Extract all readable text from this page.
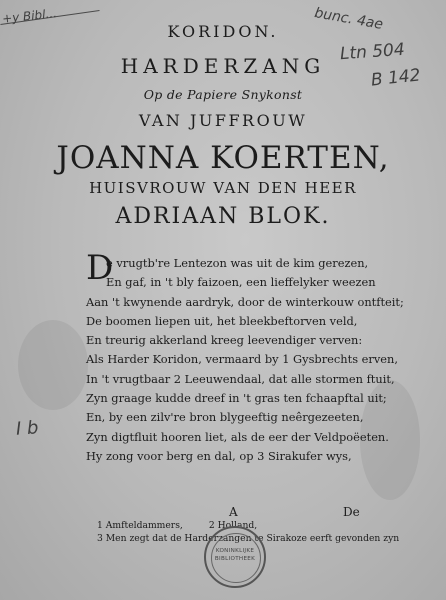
+y Bibl...	bunc. 4ae
Ltn 504
B 142
I b
KORIDON.
HARDERZANG
Op de Papiere Snykonst
VAN JUFFROUW
JOANNA KOERTEN,
HUISVROUW VAN DEN HEER
ADRIAAN BLOK.
D
e vrugtb're Lentezon was uit de kim gerezen,
En gaf, in 't bly faizoen, een lieffelyker weezen
Aan 't kwynende aardryk, door de winterkouw ontfteit;
De boomen liepen uit, het bleekbeftorven veld,
En treurig akkerland kreeg leevendiger verven:
Als Harder Koridon, vermaard by 1 Gysbrechts erven,
In 't vrugtbaar 2 Leeuwendaal, dat alle stormen ftuit,
Zyn graage kudde dreef in 't gras ten fchaapftal uit;
En, by een zilv're bron blygeeftig neêrgezeeten,
Zyn digtfluit hooren liet, als de eer der Veldpoëeten.
Hy zong voor berg en dal, op 3 Sirakufer wys,
A	De
1 Amfteldammers,	2 Holland,
3 Men zegt dat de Harderzangen te Sirakoze eerft gevonden zyn
KONINKLIJKE
BIBLIOTHEEK
